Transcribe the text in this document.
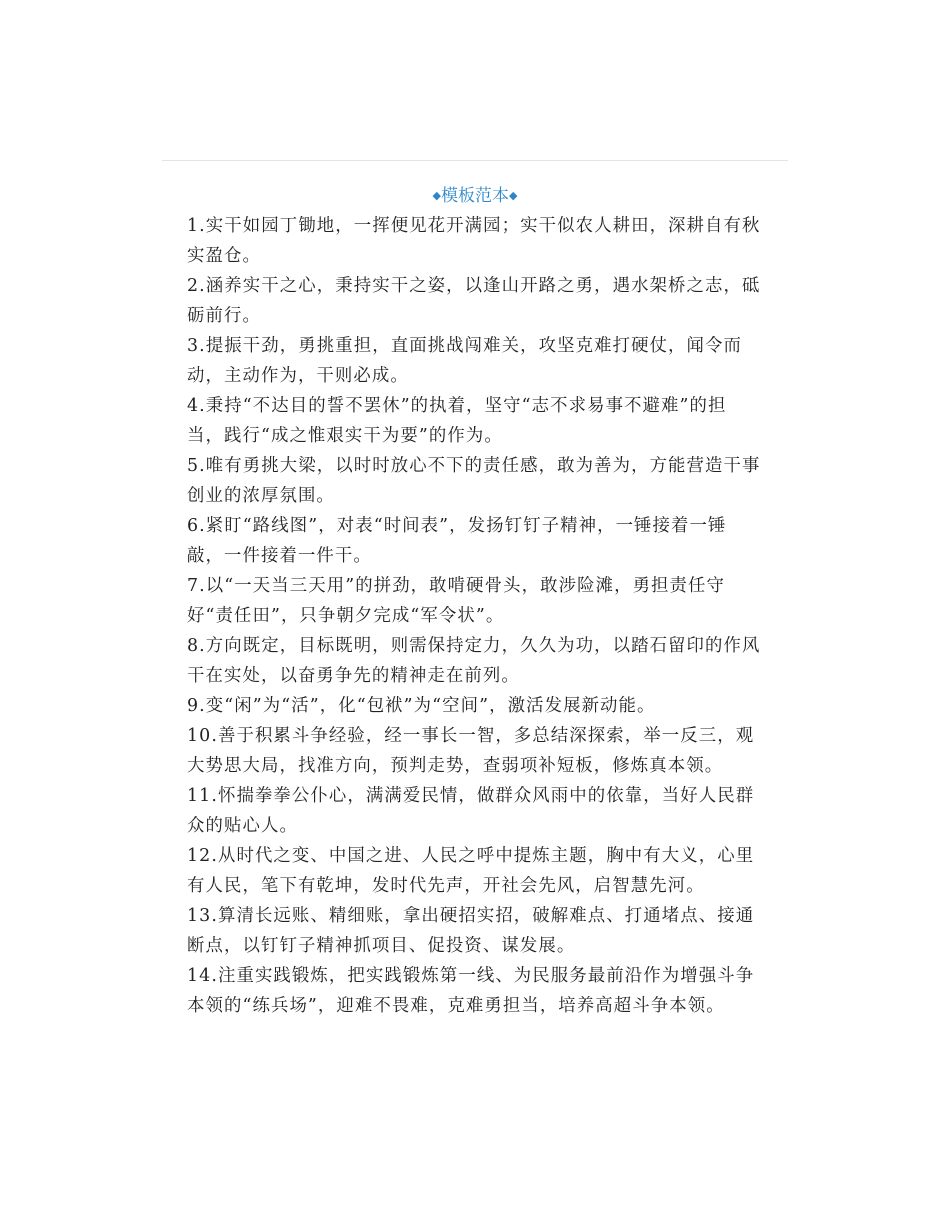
◆模板范本◆

1.实干如园丁锄地，一挥便见花开满园；实干似农人耕田，深耕自有秋实盈仓。

2.涵养实干之心，秉持实干之姿，以逢山开路之勇，遇水架桥之志，砥砺前行。

3.提振干劲，勇挑重担，直面挑战闯难关，攻坚克难打硬仗，闻令而动，主动作为，干则必成。

4.秉持“不达目的誓不罢休”的执着，坚守“志不求易事不避难”的担当，践行“成之惟艰实干为要”的作为。

5.唯有勇挑大梁，以时时放心不下的责任感，敢为善为，方能营造干事创业的浓厚氛围。

6.紧盯“路线图”，对表“时间表”，发扬钉钉子精神，一锤接着一锤敲，一件接着一件干。

7.以“一天当三天用”的拼劲，敢啃硬骨头，敢涉险滩，勇担责任守好“责任田”，只争朝夕完成“军令状”。

8.方向既定，目标既明，则需保持定力，久久为功，以踏石留印的作风干在实处，以奋勇争先的精神走在前列。

9.变“闲”为“活”，化“包袱”为“空间”，激活发展新动能。

10.善于积累斗争经验，经一事长一智，多总结深探索，举一反三，观大势思大局，找准方向，预判走势，查弱项补短板，修炼真本领。

11.怀揣拳拳公仆心，满满爱民情，做群众风雨中的依靠，当好人民群众的贴心人。

12.从时代之变、中国之进、人民之呼中提炼主题，胸中有大义，心里有人民，笔下有乾坤，发时代先声，开社会先风，启智慧先河。

13.算清长远账、精细账，拿出硬招实招，破解难点、打通堵点、接通断点，以钉钉子精神抓项目、促投资、谋发展。

14.注重实践锻炼，把实践锻炼第一线、为民服务最前沿作为增强斗争本领的“练兵场”，迎难不畏难，克难勇担当，培养高超斗争本领。
